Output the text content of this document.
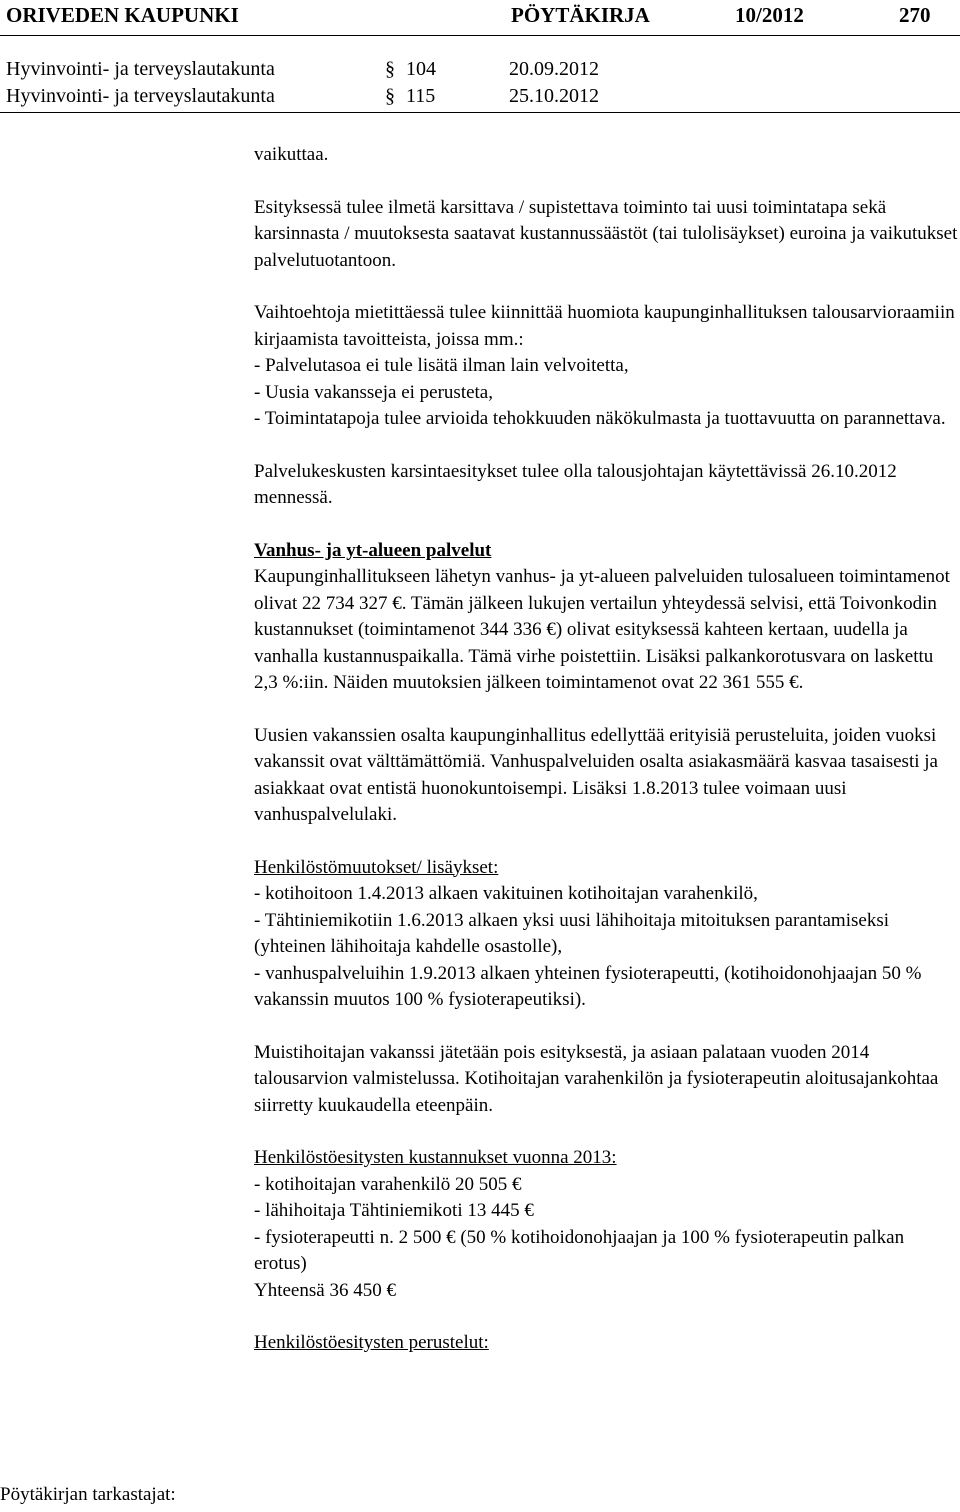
ORIVEDEN KAUPUNKI	PÖYTÄKIRJA	10/2012	270
Hyvinvointi- ja terveyslautakunta	§ 104	20.09.2012
Hyvinvointi- ja terveyslautakunta	§ 115	25.10.2012

vaikuttaa.

Esityksessä tulee ilmetä karsittava / supistettava toiminto tai uusi toimintatapa sekä karsinnasta / muutoksesta saatavat kustannussäästöt (tai tulolisäykset) euroina ja vaikutukset palvelutuotantoon.

Vaihtoehtoja mietittäessä tulee kiinnittää huomiota kaupunginhallituksen talousarvioraamiin kirjaamista tavoitteista, joissa mm.:

- Palvelutasoa ei tule lisätä ilman lain velvoitetta,

- Uusia vakansseja ei perusteta,

- Toimintatapoja tulee arvioida tehokkuuden näkökulmasta ja tuottavuutta on parannettava.

Palvelukeskusten karsintaesitykset tulee olla talousjohtajan käytettävissä 26.10.2012 mennessä.

Vanhus- ja yt-alueen palvelut

Kaupunginhallitukseen lähetyn vanhus- ja yt-alueen palveluiden tulosalueen toimintamenot olivat 22 734 327 €. Tämän jälkeen lukujen vertailun yhteydessä selvisi, että Toivonkodin kustannukset (toimintamenot 344 336 €) olivat esityksessä kahteen kertaan, uudella ja vanhalla kustannuspaikalla. Tämä virhe poistettiin. Lisäksi palkankorotusvara on laskettu 2,3 %:iin. Näiden muutoksien jälkeen toimintamenot ovat 22 361 555 €.

Uusien vakanssien osalta kaupunginhallitus edellyttää erityisiä perusteluita, joiden vuoksi vakanssit ovat välttämättömiä. Vanhuspalveluiden osalta asiakasmäärä kasvaa tasaisesti ja asiakkaat ovat entistä huonokuntoisempi. Lisäksi 1.8.2013 tulee voimaan uusi vanhuspalvelulaki.

Henkilöstömuutokset/ lisäykset:

- kotihoitoon 1.4.2013 alkaen vakituinen kotihoitajan varahenkilö,

- Tähtiniemikotiin 1.6.2013 alkaen yksi uusi lähihoitaja mitoituksen parantamiseksi (yhteinen lähihoitaja kahdelle osastolle),

- vanhuspalveluihin 1.9.2013 alkaen yhteinen fysioterapeutti, (kotihoidonohjaajan 50 % vakanssin muutos 100 % fysioterapeutiksi).

Muistihoitajan vakanssi jätetään pois esityksestä, ja asiaan palataan vuoden 2014 talousarvion valmistelussa. Kotihoitajan varahenkilön ja fysioterapeutin aloitusajankohtaa siirretty kuukaudella eteenpäin.

Henkilöstöesitysten kustannukset vuonna 2013:

- kotihoitajan varahenkilö 20 505 €

- lähihoitaja Tähtiniemikoti 13 445 €

- fysioterapeutti n. 2 500 € (50 % kotihoidonohjaajan ja 100 % fysioterapeutin palkan erotus)

Yhteensä 36 450 €

Henkilöstöesitysten perustelut:

Pöytäkirjan tarkastajat:
